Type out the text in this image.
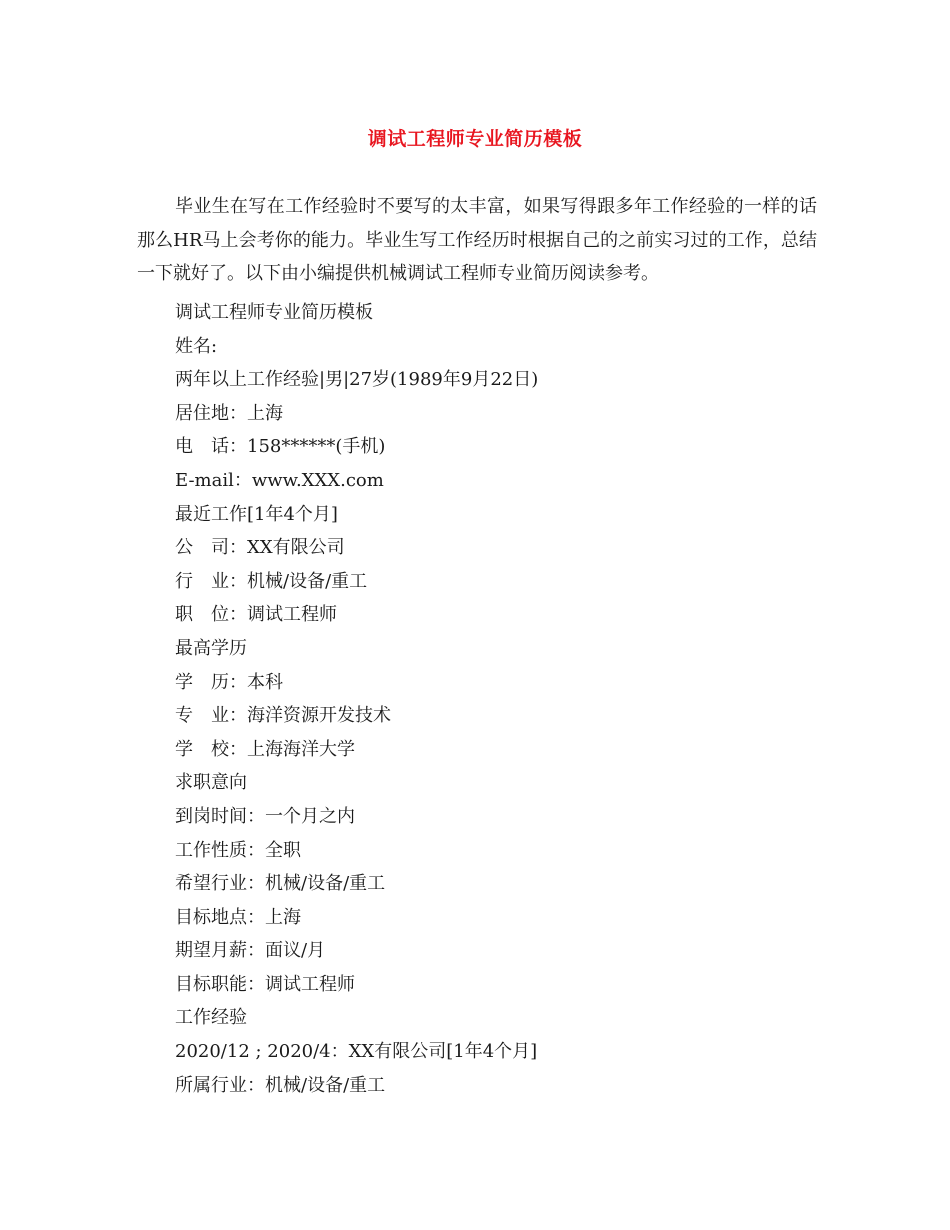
调试工程师专业简历模板

毕业生在写在工作经验时不要写的太丰富，如果写得跟多年工作经验的一样的话那么HR马上会考你的能力。毕业生写工作经历时根据自己的之前实习过的工作，总结一下就好了。以下由小编提供机械调试工程师专业简历阅读参考。

调试工程师专业简历模板
姓名:
两年以上工作经验|男|27岁(1989年9月22日)
居住地：上海
电　话：158******(手机)
E-mail：www.XXX.com
最近工作[1年4个月]
公　司：XX有限公司
行　业：机械/设备/重工
职　位：调试工程师
最高学历
学　历：本科
专　业：海洋资源开发技术
学　校：上海海洋大学
求职意向
到岗时间：一个月之内
工作性质：全职
希望行业：机械/设备/重工
目标地点：上海
期望月薪：面议/月
目标职能：调试工程师
工作经验
2020/12 ; 2020/4：XX有限公司[1年4个月]
所属行业：机械/设备/重工
